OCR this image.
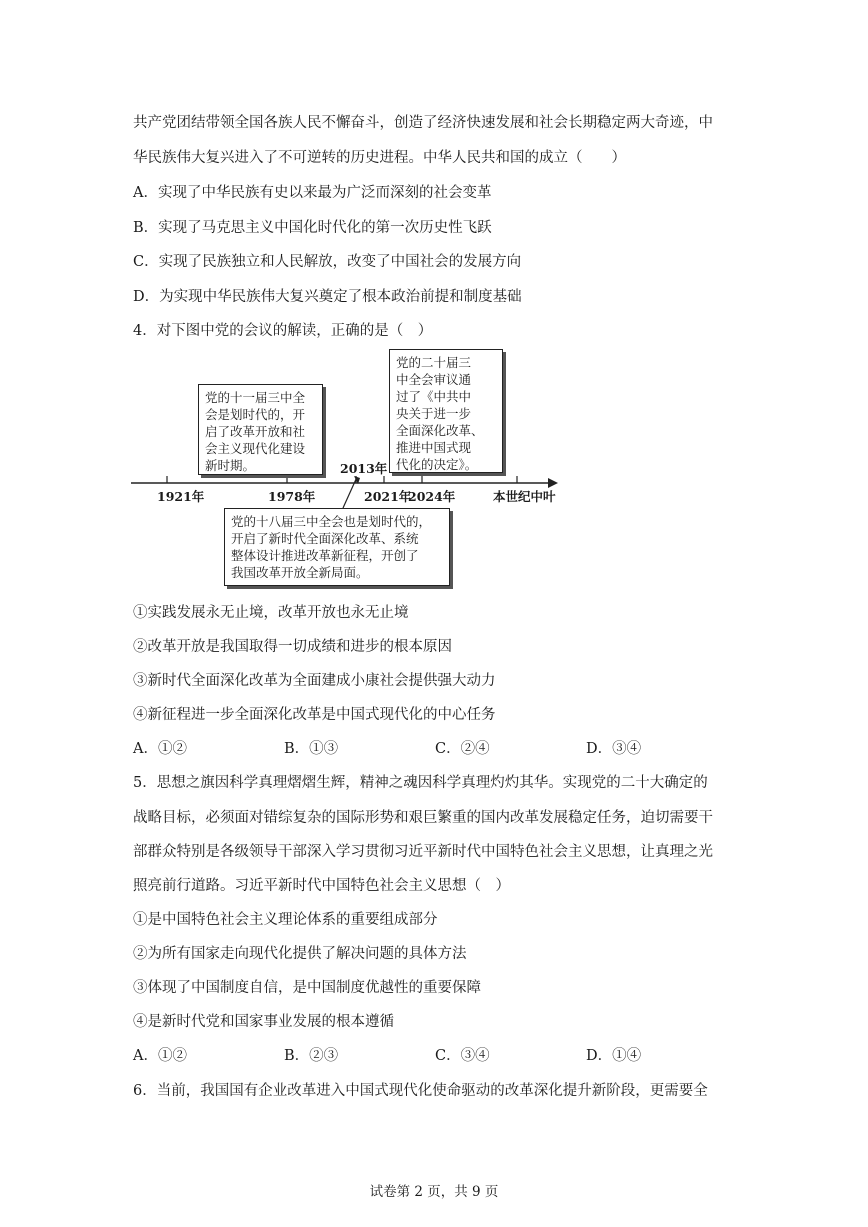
共产党团结带领全国各族人民不懈奋斗，创造了经济快速发展和社会长期稳定两大奇迹，中
华民族伟大复兴进入了不可逆转的历史进程。中华人民共和国的成立（　　）
A．实现了中华民族有史以来最为广泛而深刻的社会变革
B．实现了马克思主义中国化时代化的第一次历史性飞跃
C．实现了民族独立和人民解放，改变了中国社会的发展方向
D．为实现中华民族伟大复兴奠定了根本政治前提和制度基础
4．对下图中党的会议的解读，正确的是（　）
1921年	1978年
2013年
2021年
2024年	本世纪中叶
党的十一届三中全
会是划时代的，开
启了改革开放和社
会主义现代化建设
新时期。
党的二十届三
中全会审议通
过了《中共中
央关于进一步
全面深化改革、
推进中国式现
代化的决定》。
党的十八届三中全会也是划时代的，
开启了新时代全面深化改革、系统
整体设计推进改革新征程，开创了
我国改革开放全新局面。
①实践发展永无止境，改革开放也永无止境
②改革开放是我国取得一切成绩和进步的根本原因
③新时代全面深化改革为全面建成小康社会提供强大动力
④新征程进一步全面深化改革是中国式现代化的中心任务
A．①②	B．①③	C．②④	D．③④
5．思想之旗因科学真理熠熠生辉，精神之魂因科学真理灼灼其华。实现党的二十大确定的
战略目标，必须面对错综复杂的国际形势和艰巨繁重的国内改革发展稳定任务，迫切需要干
部群众特别是各级领导干部深入学习贯彻习近平新时代中国特色社会主义思想，让真理之光
照亮前行道路。习近平新时代中国特色社会主义思想（　）
①是中国特色社会主义理论体系的重要组成部分
②为所有国家走向现代化提供了解决问题的具体方法
③体现了中国制度自信，是中国制度优越性的重要保障
④是新时代党和国家事业发展的根本遵循
A．①②	B．②③	C．③④	D．①④
6．当前，我国国有企业改革进入中国式现代化使命驱动的改革深化提升新阶段，更需要全
试卷第 2 页，共 9 页
